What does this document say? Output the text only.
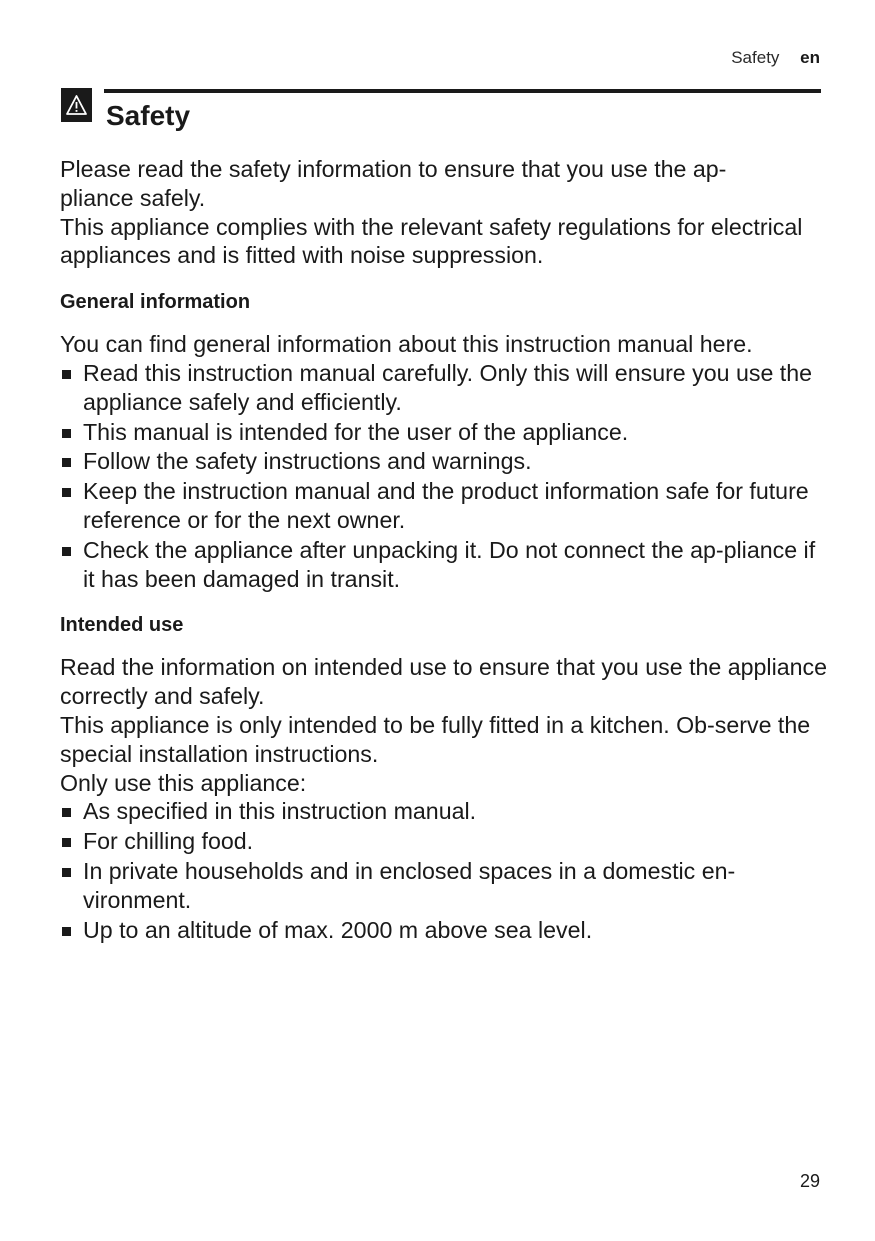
Safety en
Safety

Please read the safety information to ensure that you use the ap-
pliance safely.

This appliance complies with the relevant safety regulations for electrical appliances and is fitted with noise suppression.

General information

You can find general information about this instruction manual here.

Read this instruction manual carefully. Only this will ensure you use the appliance safely and efficiently.
This manual is intended for the user of the appliance.
Follow the safety instructions and warnings.
Keep the instruction manual and the product information safe for future reference or for the next owner.
Check the appliance after unpacking it. Do not connect the ap-pliance if it has been damaged in transit.
Intended use

Read the information on intended use to ensure that you use the appliance correctly and safely.

This appliance is only intended to be fully fitted in a kitchen. Ob-serve the special installation instructions.

Only use this appliance:

As specified in this instruction manual.
For chilling food.
In private households and in enclosed spaces in a domestic en-vironment.
Up to an altitude of max. 2000 m above sea level.
29
